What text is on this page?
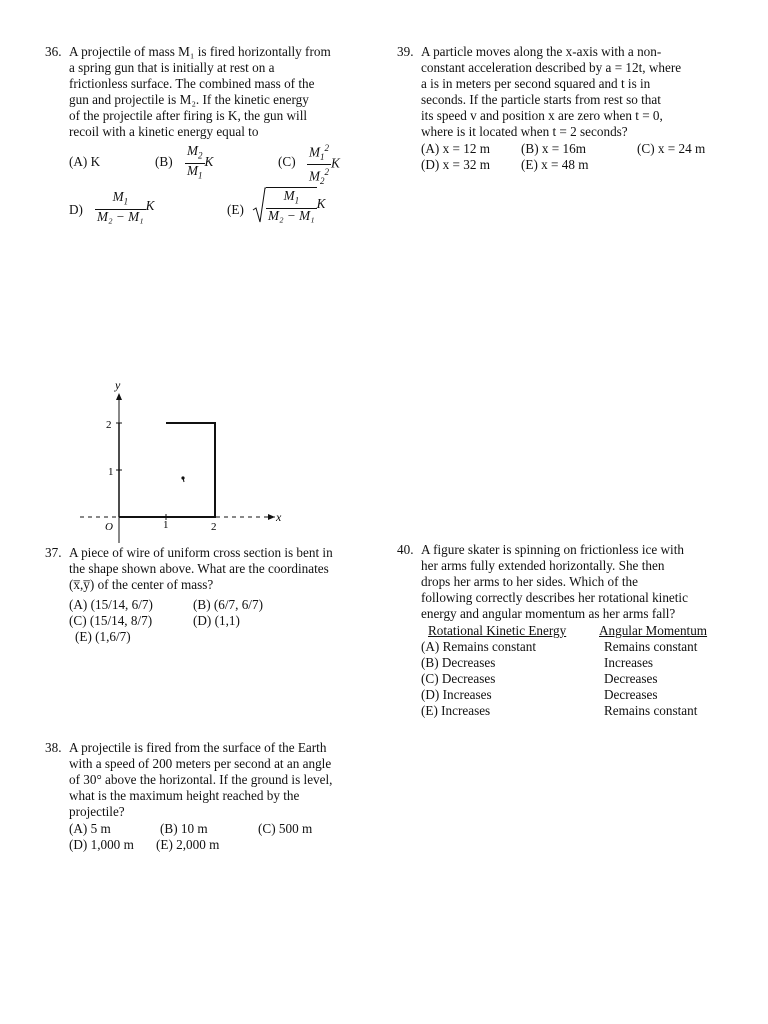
36. A projectile of mass M₁ is fired horizontally from
a spring gun that is initially at rest on a
frictionless surface. The combined mass of the
gun and projectile is M₂. If the kinetic energy
of the projectile after firing is K, the gun will
recoil with a kinetic energy equal to
(A) K	$(B) \frac{M_2}{M_1}$ K	$(C) \frac{M_1^2}{M_2^2}$ K
$D) \frac{M_1}{\text{M₂ − M₁}}$ K	$(E) \frac{M_1}{\text{M₂ − M₁}}$ K
39. A particle moves along the x-axis with a non-
constant acceleration described by a = 12t, where
a is in meters per second squared and t is in
seconds. If the particle starts from rest so that
its speed v and position x are zero when t = 0,
where is it located when t = 2 seconds?
(A) x = 12 m (B) x = 16m	(C) x = 24 m
(D) x = 32 m (E) x = 48 m
y
x
2
1
O	1	2
37. A piece of wire of uniform cross section is bent in
the shape shown above. What are the coordinates
(x̅,y̅) of the center of mass?
(A) (15/14, 6/7)	(B) (6/7, 6/7)
(C) (15/14, 8/7)	(D) (1,1)
(E) (1,6/7)
40. A figure skater is spinning on frictionless ice with
her arms fully extended horizontally. She then
drops her arms to her sides. Which of the
following correctly describes her rotational kinetic
energy and angular momentum as her arms fall?
Rotational Kinetic Energy Angular Momentum
(A) Remains constant	Remains constant
(B) Decreases	Increases
(C) Decreases	Decreases
(D) Increases	Decreases
(E) Increases	Remains constant
38. A projectile is fired from the surface of the Earth
with a speed of 200 meters per second at an angle
of 30° above the horizontal. If the ground is level,
what is the maximum height reached by the
projectile?
(A) 5 m	(B) 10 m	(C) 500 m
(D) 1,000 m (E) 2,000 m
